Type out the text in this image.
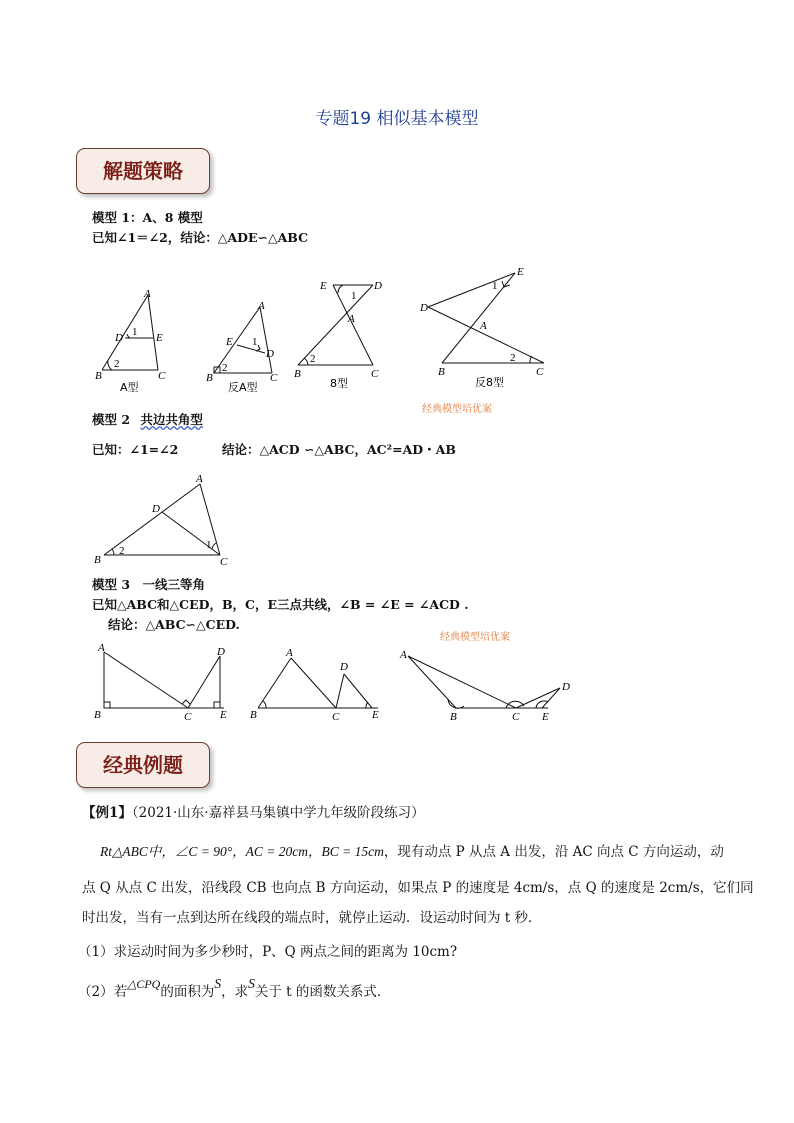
专题19 相似基本模型
解题策略
模型 1：A、8 模型
已知∠1＝∠2，结论：△ADE∽△ABC
A
D	E
B	C
1
2
A型
A
E
D
B	C
1
2
反A型
E	D
A
B	C
1
2
8型
E
D
A
B	C
1
2
反8型
经典模型培优案
模型 2 共边共角型
已知：∠1=∠2	结论：△ACD ∽△ABC，AC²=AD・AB
A
D
B	C
1
2
模型 3　一线三等角
已知△ABC和△CED，B，C，E三点共线，∠B = ∠E = ∠ACD .
结论：△ABC∽△CED.
经典模型培优案
A	D
B	C	E
A
D
B	C	E
A
D
B	C E
经典例题
【例1】（2021·山东·嘉祥县马集镇中学九年级阶段练习）
Rt△ABC中，∠C = 90°，AC = 20cm，BC = 15cm，现有动点 P 从点 A 出发，沿 AC 向点 C 方向运动，动
点 Q 从点 C 出发，沿线段 CB 也向点 B 方向运动，如果点 P 的速度是 4cm/s，点 Q 的速度是 2cm/s，它们同
时出发，当有一点到达所在线段的端点时，就停止运动．设运动时间为 t 秒．
（1）求运动时间为多少秒时，P、Q 两点之间的距离为 10cm?
（2）若△CPQ的面积为S，求S关于 t 的函数关系式．
